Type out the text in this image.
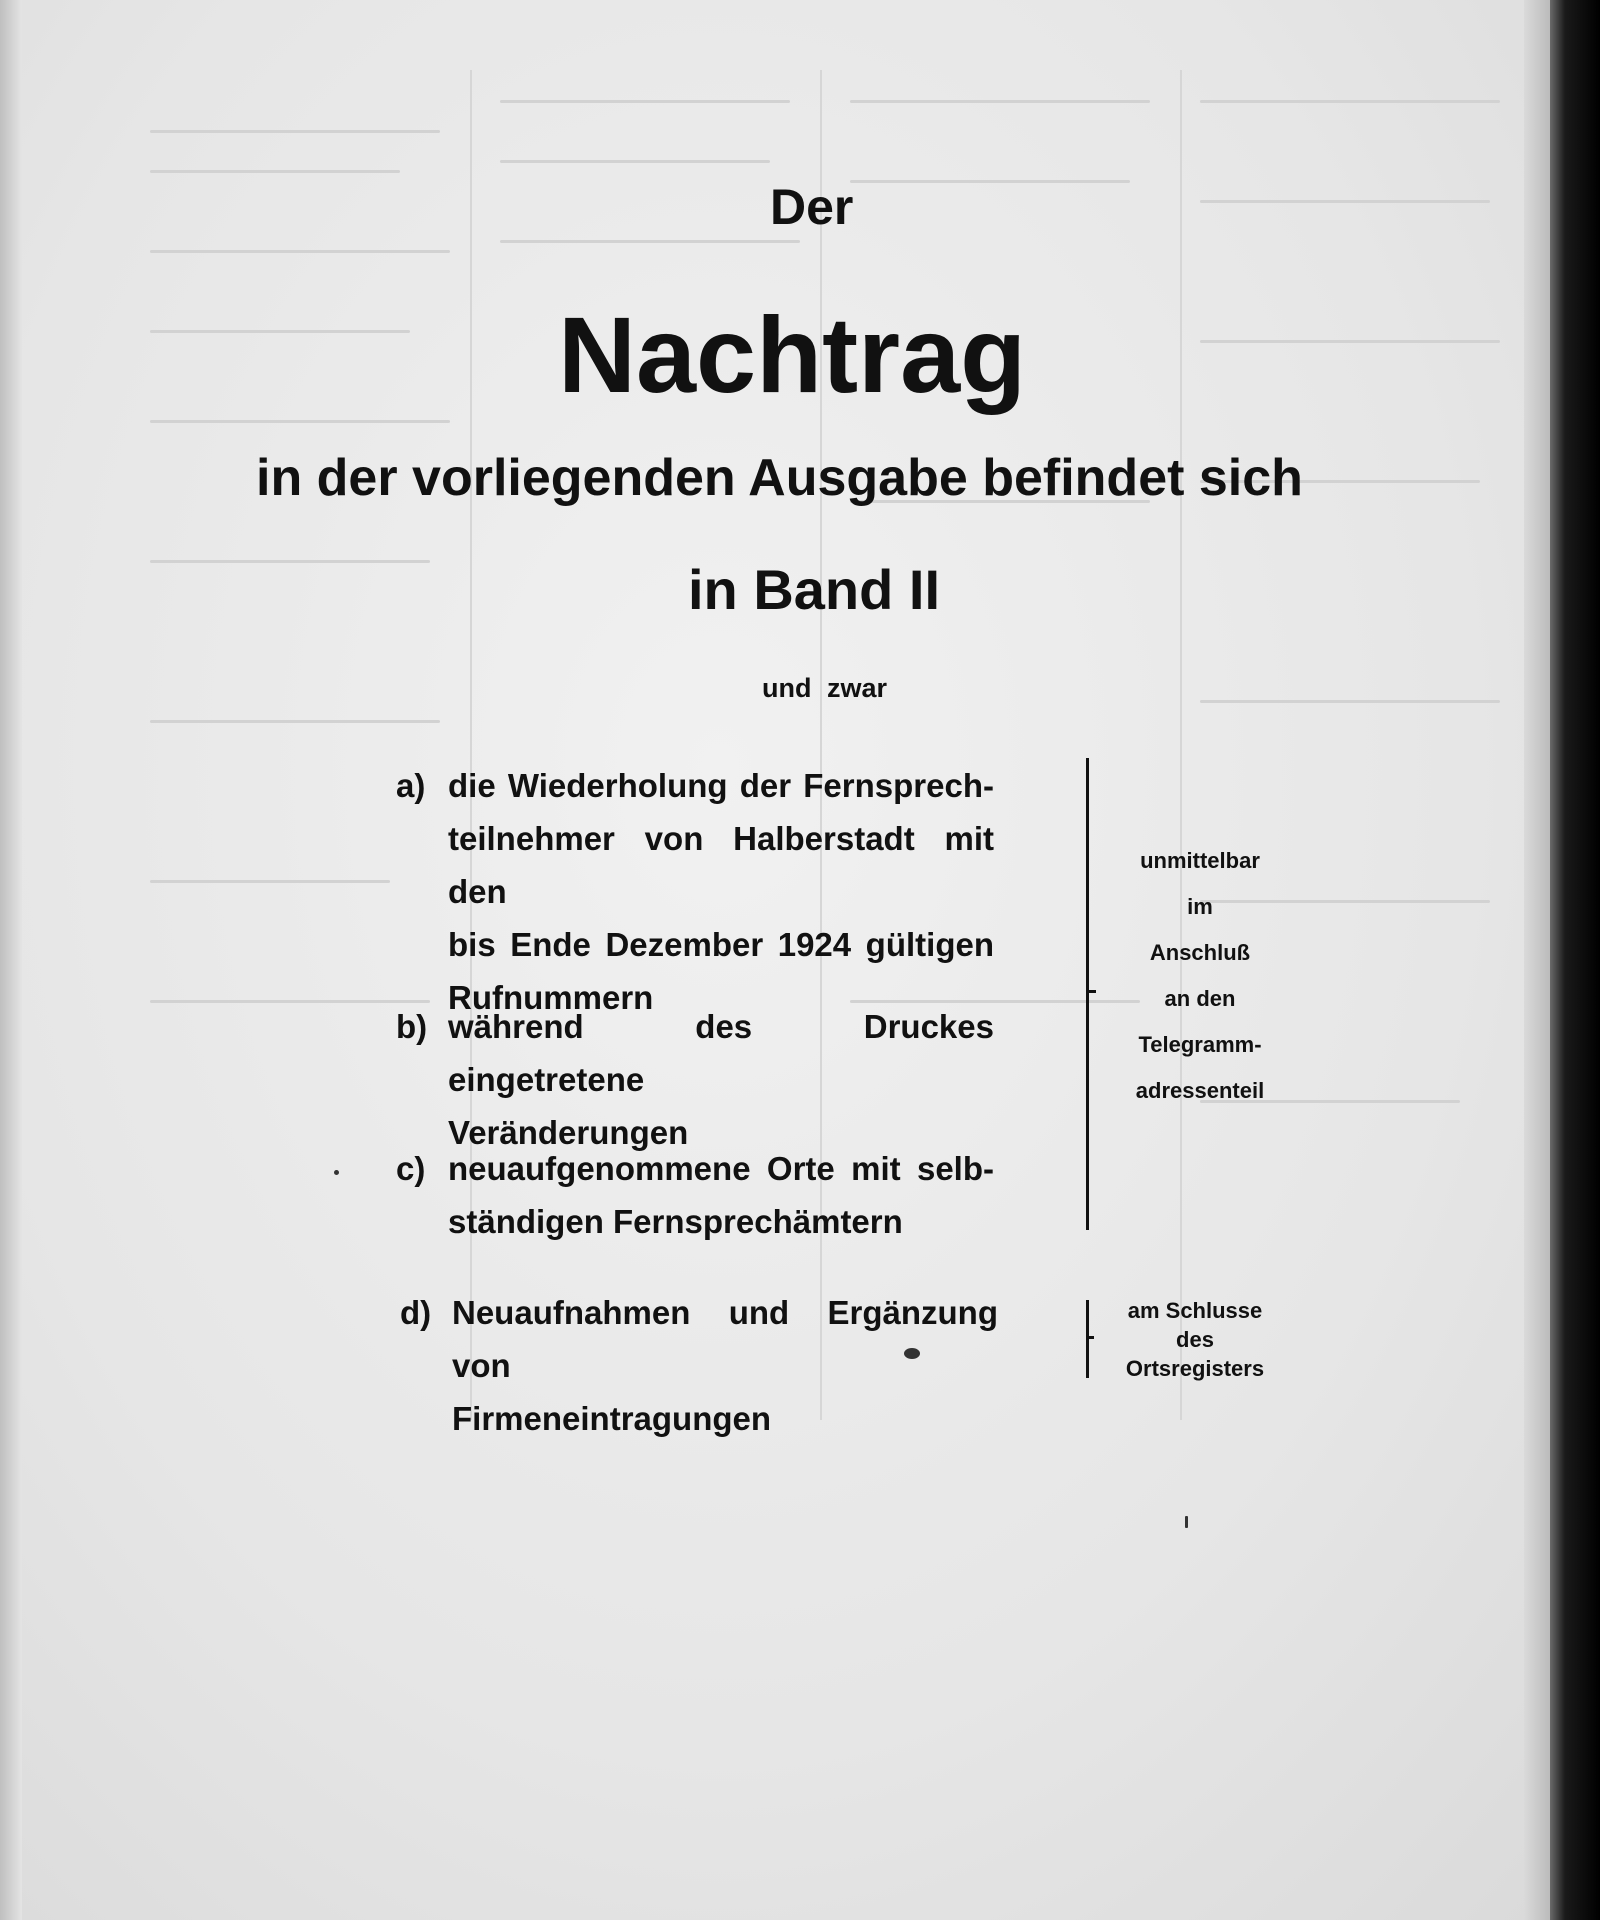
Der
Nachtrag
in der vorliegenden Ausgabe befindet sich
in Band II
und zwar
a) die Wiederholung der Fernsprech-
teilnehmer von Halberstadt mit den
bis Ende Dezember 1924 gültigen
Rufnummern
b) während des Druckes eingetretene
Veränderungen
c) neuaufgenommene Orte mit selb-
ständigen Fernsprechämtern
d) Neuaufnahmen und Ergänzung von
Firmeneintragungen
unmittelbar
im
Anschluß
an den
Telegramm-
adressenteil
am Schlusse
des
Ortsregisters
